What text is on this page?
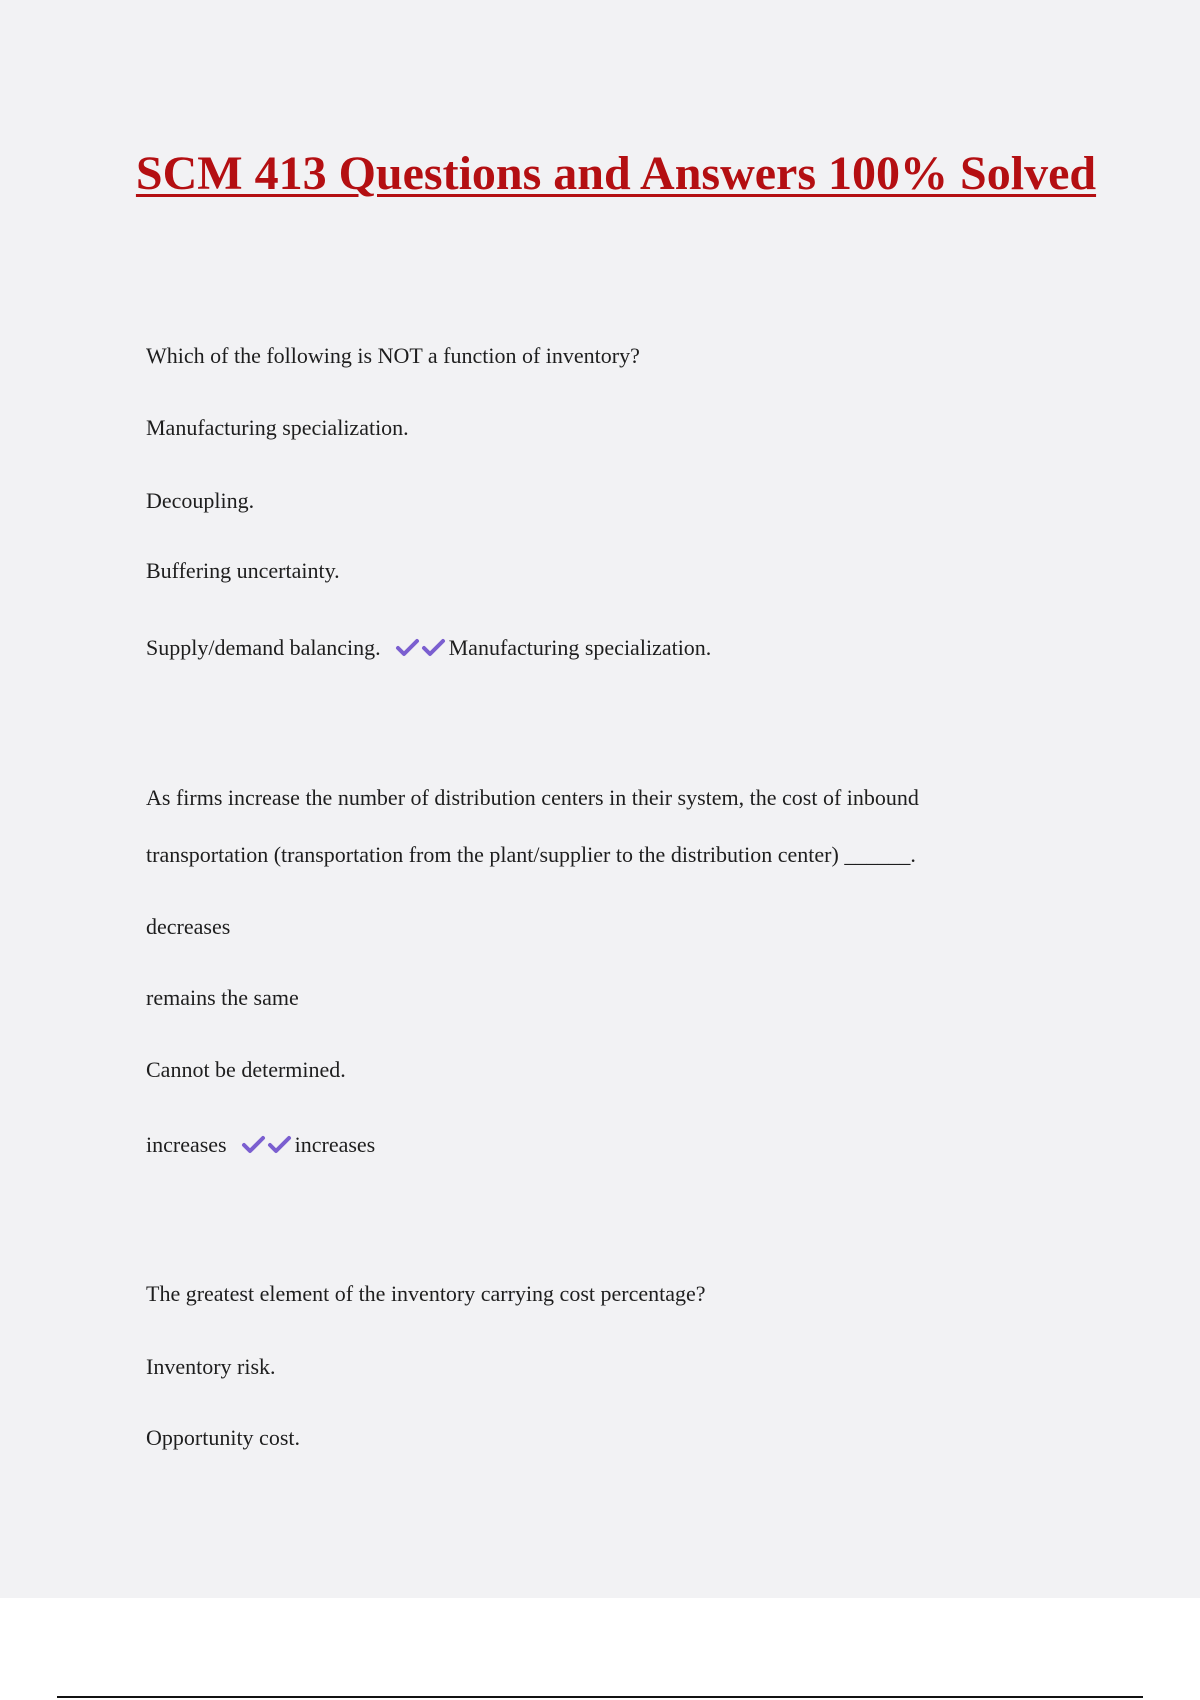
SCM 413 Questions and Answers 100% Solved
Which of the following is NOT a function of inventory?
Manufacturing specialization.
Decoupling.
Buffering uncertainty.
Supply/demand balancing.	Manufacturing specialization.
As firms increase the number of distribution centers in their system, the cost of inbound
transportation (transportation from the plant/supplier to the distribution center) ______.
decreases
remains the same
Cannot be determined.
increases	increases
The greatest element of the inventory carrying cost percentage?
Inventory risk.
Opportunity cost.
